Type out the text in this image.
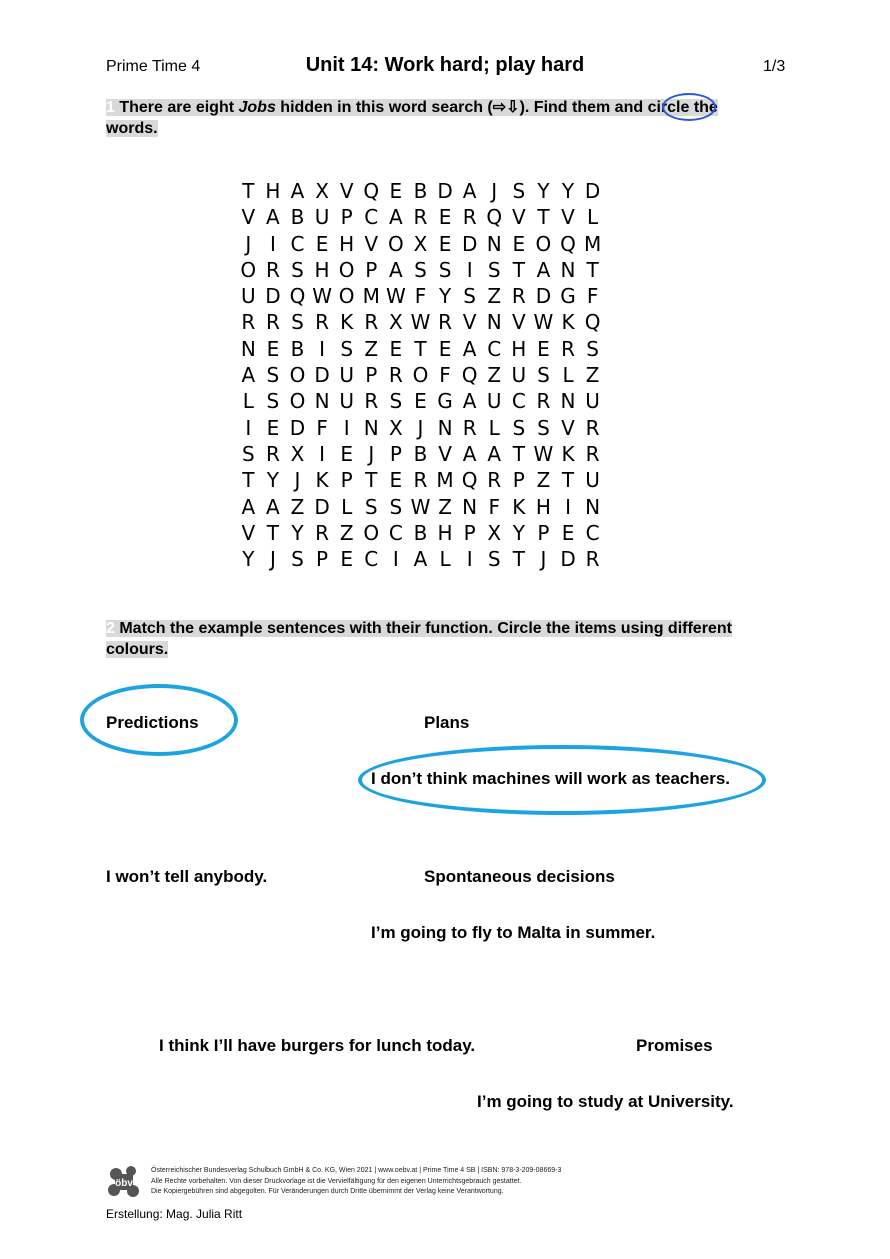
Prime Time 4	Unit 14: Work hard; play hard	1/3
1 There are eight Jobs hidden in this word search (⇨⇩). Find them and circle the words.
T H A X V Q E B D A J S Y Y D
V A B U P C A R E R Q V T V L
J I C E H V O X E D N E O Q M
O R S H O P A S S I S T A N T
U D Q W O M W F Y S Z R D G F
R R S R K R X W R V N V W K Q
N E B I S Z E T E A C H E R S
A S O D U P R O F Q Z U S L Z
L S O N U R S E G A U C R N U
I E D F I N X J N R L S S V R
S R X I E J P B V A A T W K R
T Y J K P T E R M Q R P Z T U
A A Z D L S S W Z N F K H I N
V T Y R Z O C B H P X Y P E C
Y J S P E C I A L I S T J D R
2 Match the example sentences with their function. Circle the items using different colours.
Predictions	Plans
I don’t think machines will work as teachers.
I won’t tell anybody.	Spontaneous decisions
I’m going to fly to Malta in summer.
I think I’ll have burgers for lunch today.	Promises
I’m going to study at University.
öbv
Österreichischer Bundesverlag Schulbuch GmbH & Co. KG, Wien 2021 | www.oebv.at | Prime Time 4 SB | ISBN: 978-3-209-08669-3
Alle Rechte vorbehalten. Von dieser Druckvorlage ist die Vervielfältigung für den eigenen Unterrichtsgebrauch gestattet.
Die Kopiergebühren sind abgegolten. Für Veränderungen durch Dritte übernimmt der Verlag keine Verantwortung.
Erstellung: Mag. Julia Ritt
